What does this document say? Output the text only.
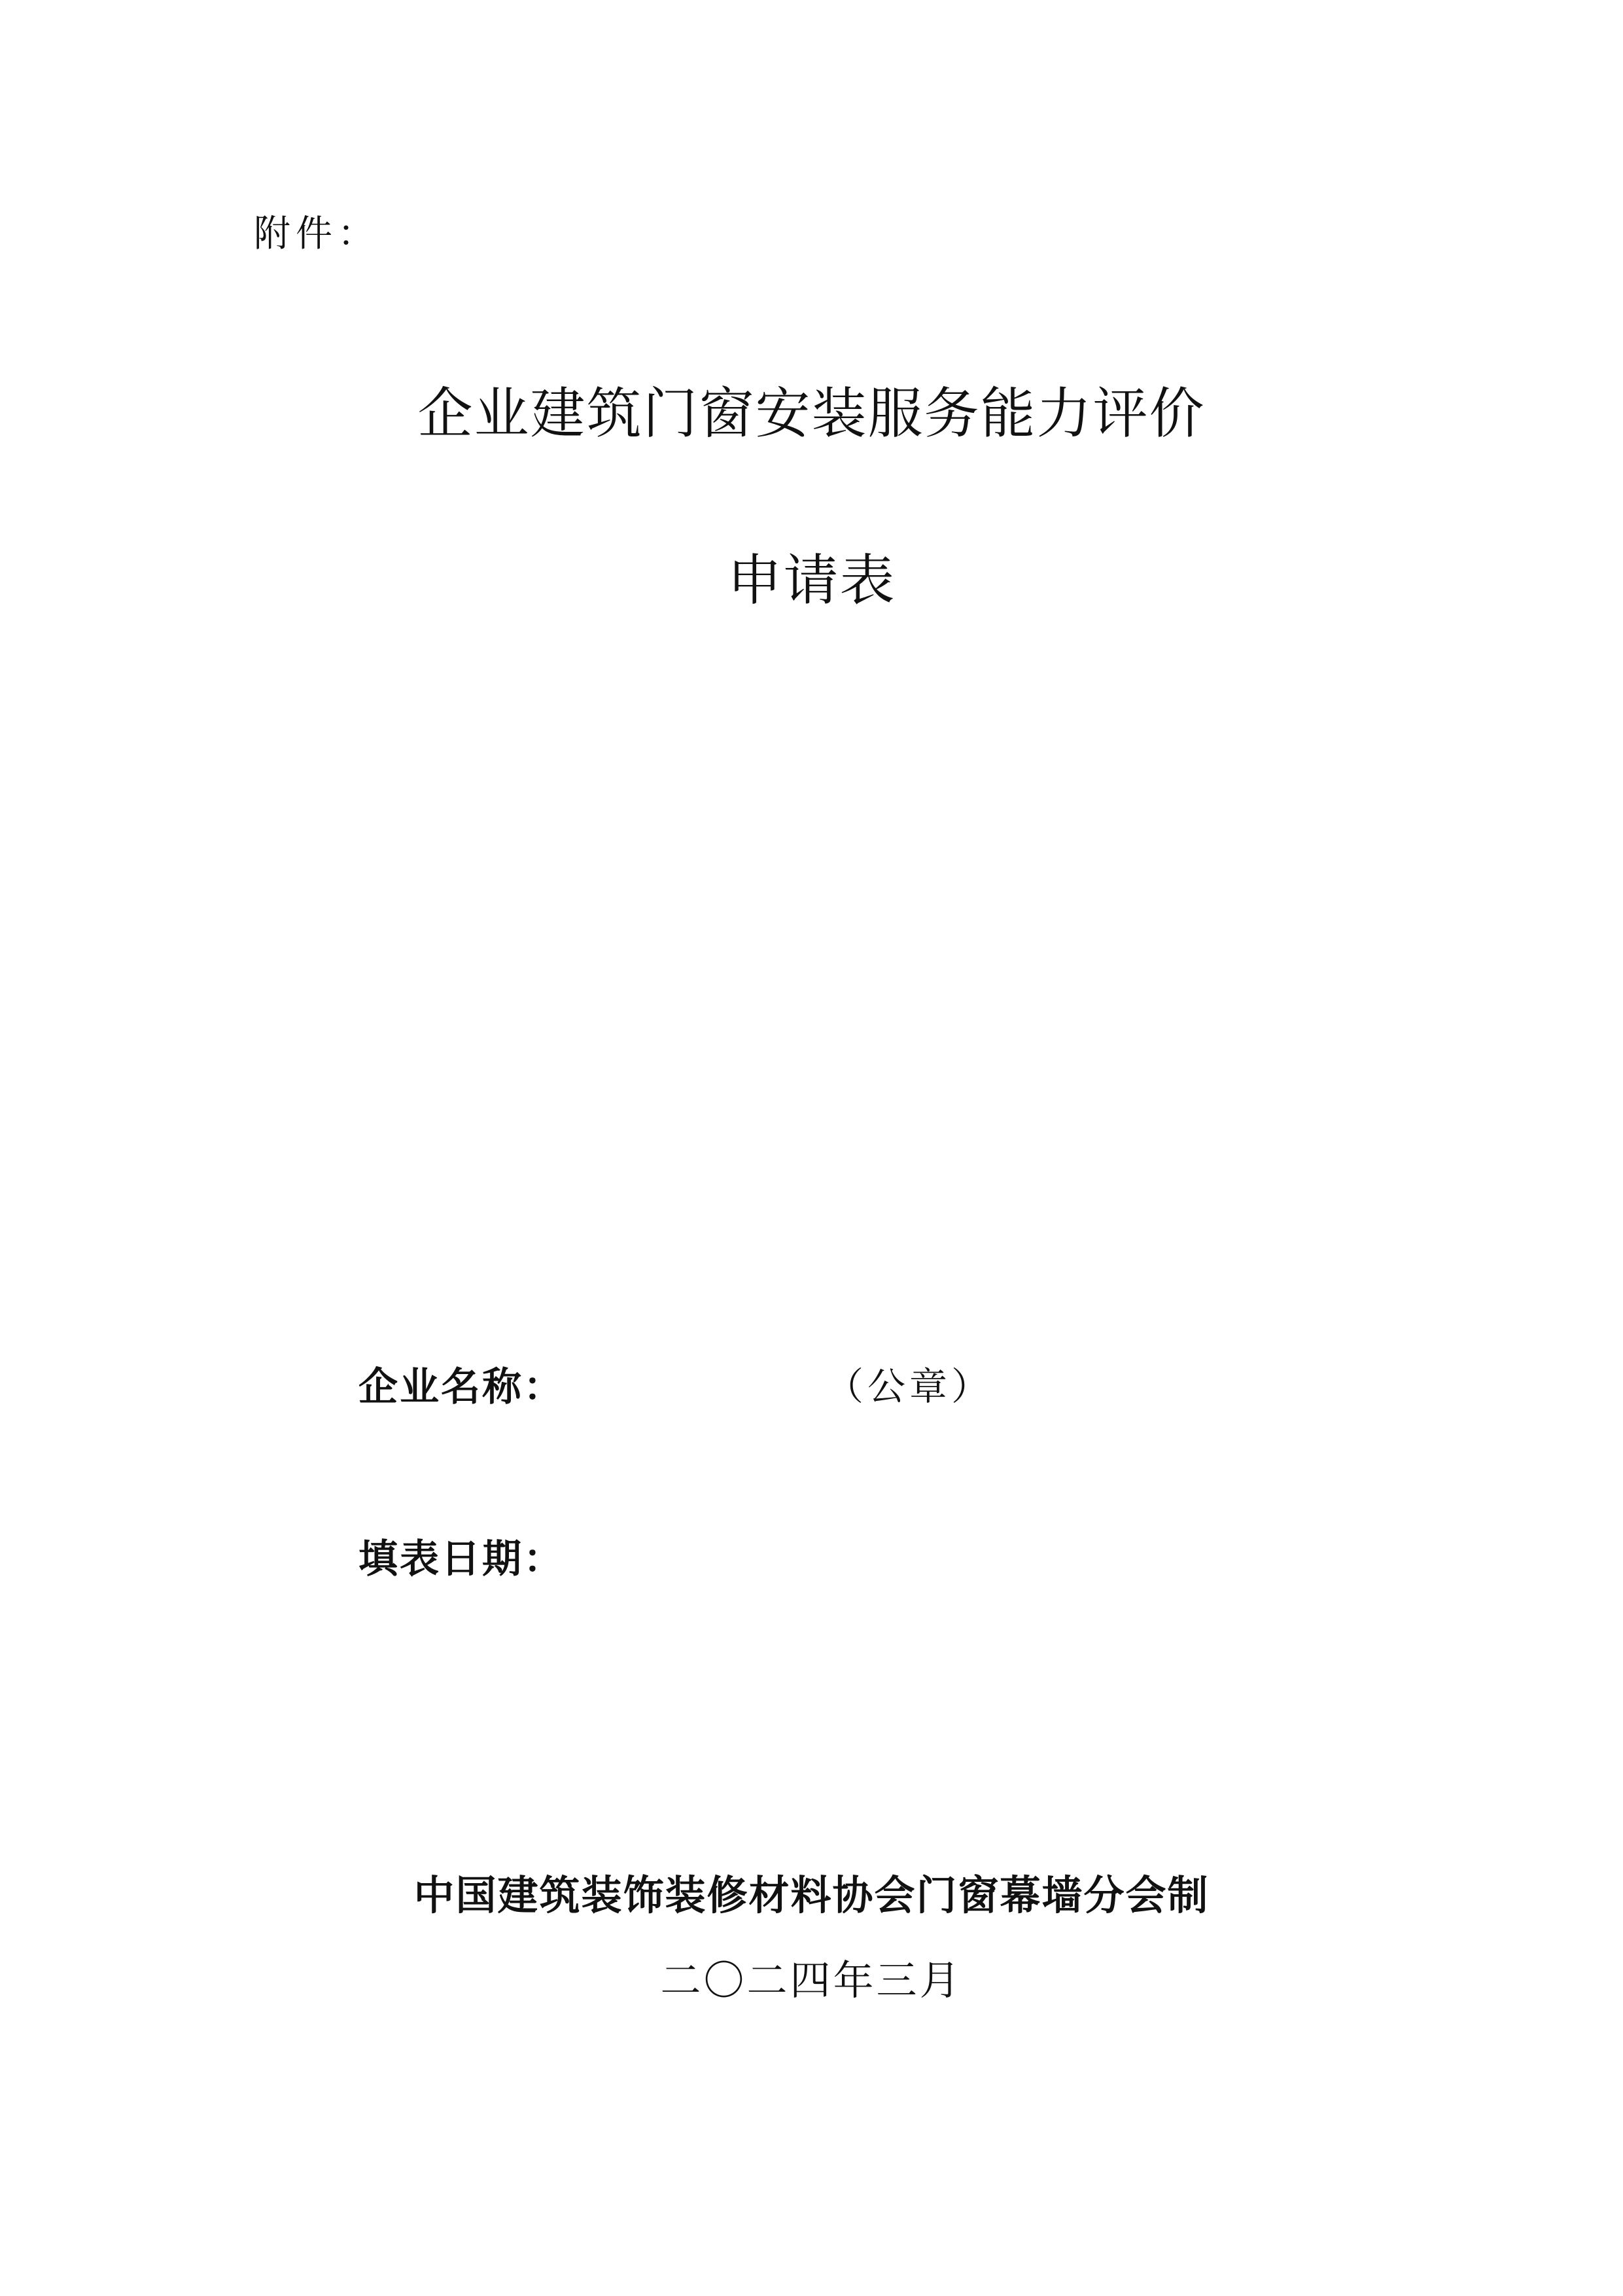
附件：
企业建筑门窗安装服务能力评价
申请表
企业名称：	（公章）
填表日期：
中国建筑装饰装修材料协会门窗幕墙分会制
二〇二四年三月
